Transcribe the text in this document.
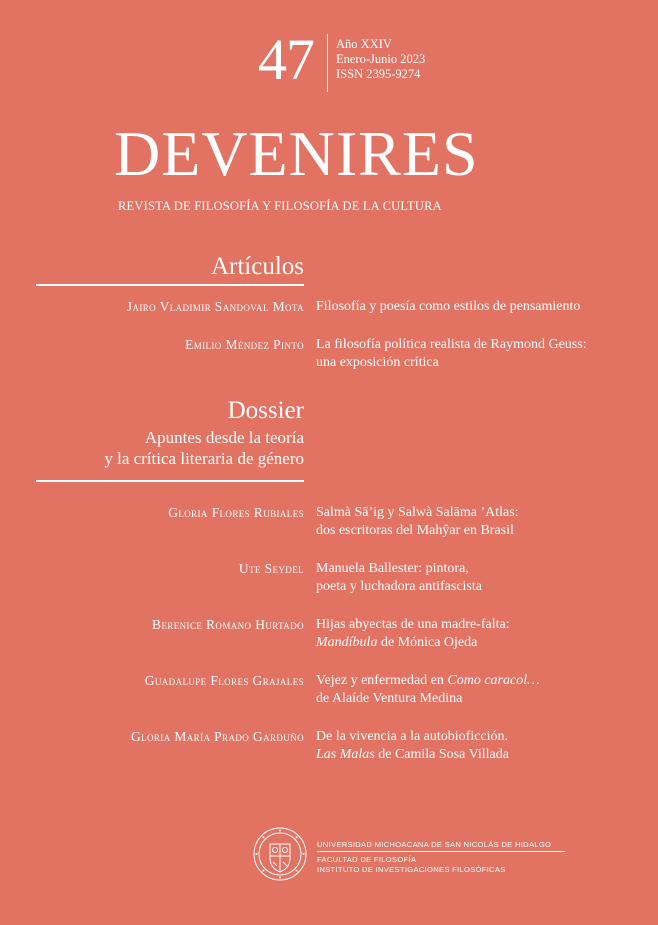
47 Año XXIV
Enero-Junio 2023
ISSN 2395-9274
DEVENIRES
REVISTA DE FILOSOFÍA Y FILOSOFÍA DE LA CULTURA
Artículos
Jairo Vladimir Sandoval Mota Filosofía y poesía como estilos de pensamiento
Emilio Méndez Pinto La filosofía política realista de Raymond Geuss:
una exposición crítica
Dossier
Apuntes desde la teoría
y la crítica literaria de género
Gloria Flores Rubiales Salmà Sā’ig y Salwà Salāma ’Atlas:
dos escritoras del Mahŷar en Brasil
Ute Seydel Manuela Ballester: pintora,
poeta y luchadora antifascista
Berenice Romano Hurtado Hijas abyectas de una madre-falta:
Mandíbula de Mónica Ojeda
Guadalupe Flores Grajales Vejez y enfermedad en Como caracol…
de Alaíde Ventura Medina
Gloria María Prado Garduño De la vivencia a la autobioficción.
Las Malas de Camila Sosa Villada
UNIVERSIDAD MICHOACANA DE SAN NICOLÁS DE HIDALGO
FACULTAD DE FILOSOFÍA
INSTITUTO DE INVESTIGACIONES FILOSÓFICAS
